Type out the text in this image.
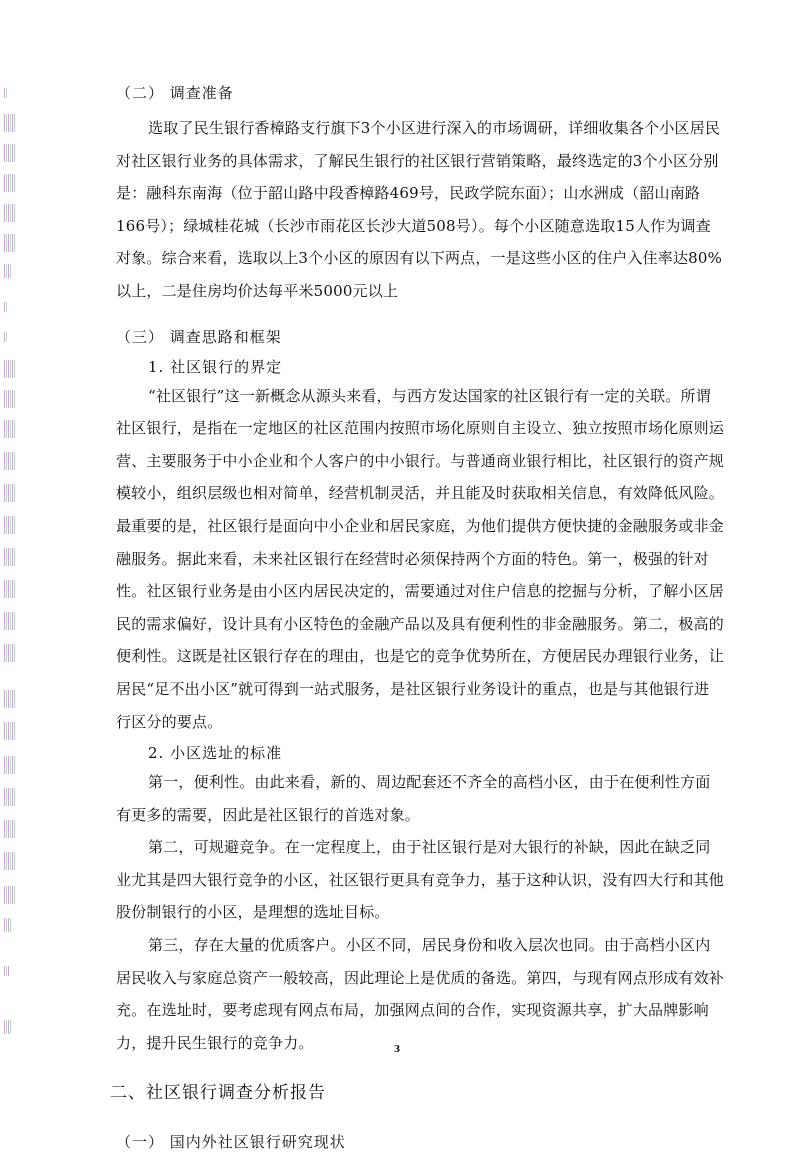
（二） 调查准备

选取了民生银行香樟路支行旗下3个小区进行深入的市场调研，详细收集各个小区居民对社区银行业务的具体需求，了解民生银行的社区银行营销策略，最终选定的3个小区分别是：融科东南海（位于韶山路中段香樟路469号，民政学院东面）；山水洲成（韶山南路166号）；绿城桂花城（长沙市雨花区长沙大道508号）。每个小区随意选取15人作为调查对象。综合来看，选取以上3个小区的原因有以下两点，一是这些小区的住户入住率达80%以上，二是住房均价达每平米5000元以上

（三） 调查思路和框架
1. 社区银行的界定

“社区银行”这一新概念从源头来看，与西方发达国家的社区银行有一定的关联。所谓社区银行，是指在一定地区的社区范围内按照市场化原则自主设立、独立按照市场化原则运营、主要服务于中小企业和个人客户的中小银行。与普通商业银行相比，社区银行的资产规模较小，组织层级也相对简单，经营机制灵活，并且能及时获取相关信息，有效降低风险。最重要的是，社区银行是面向中小企业和居民家庭，为他们提供方便快捷的金融服务或非金融服务。据此来看，未来社区银行在经营时必须保持两个方面的特色。第一，极强的针对性。社区银行业务是由小区内居民决定的，需要通过对住户信息的挖掘与分析，了解小区居民的需求偏好，设计具有小区特色的金融产品以及具有便利性的非金融服务。第二，极高的便利性。这既是社区银行存在的理由，也是它的竞争优势所在，方便居民办理银行业务，让居民“足不出小区”就可得到一站式服务，是社区银行业务设计的重点，也是与其他银行进行区分的要点。

2. 小区选址的标准

第一，便利性。由此来看，新的、周边配套还不齐全的高档小区，由于在便利性方面有更多的需要，因此是社区银行的首选对象。

第二，可规避竞争。在一定程度上，由于社区银行是对大银行的补缺，因此在缺乏同业尤其是四大银行竞争的小区，社区银行更具有竞争力，基于这种认识，没有四大行和其他股份制银行的小区，是理想的选址目标。

第三，存在大量的优质客户。小区不同，居民身份和收入层次也同。由于高档小区内居民收入与家庭总资产一般较高，因此理论上是优质的备选。第四，与现有网点形成有效补充。在选址时，要考虑现有网点布局，加强网点间的合作，实现资源共享，扩大品牌影响力，提升民生银行的竞争力。

二、社区银行调查分析报告
（一） 国内外社区银行研究现状
3
